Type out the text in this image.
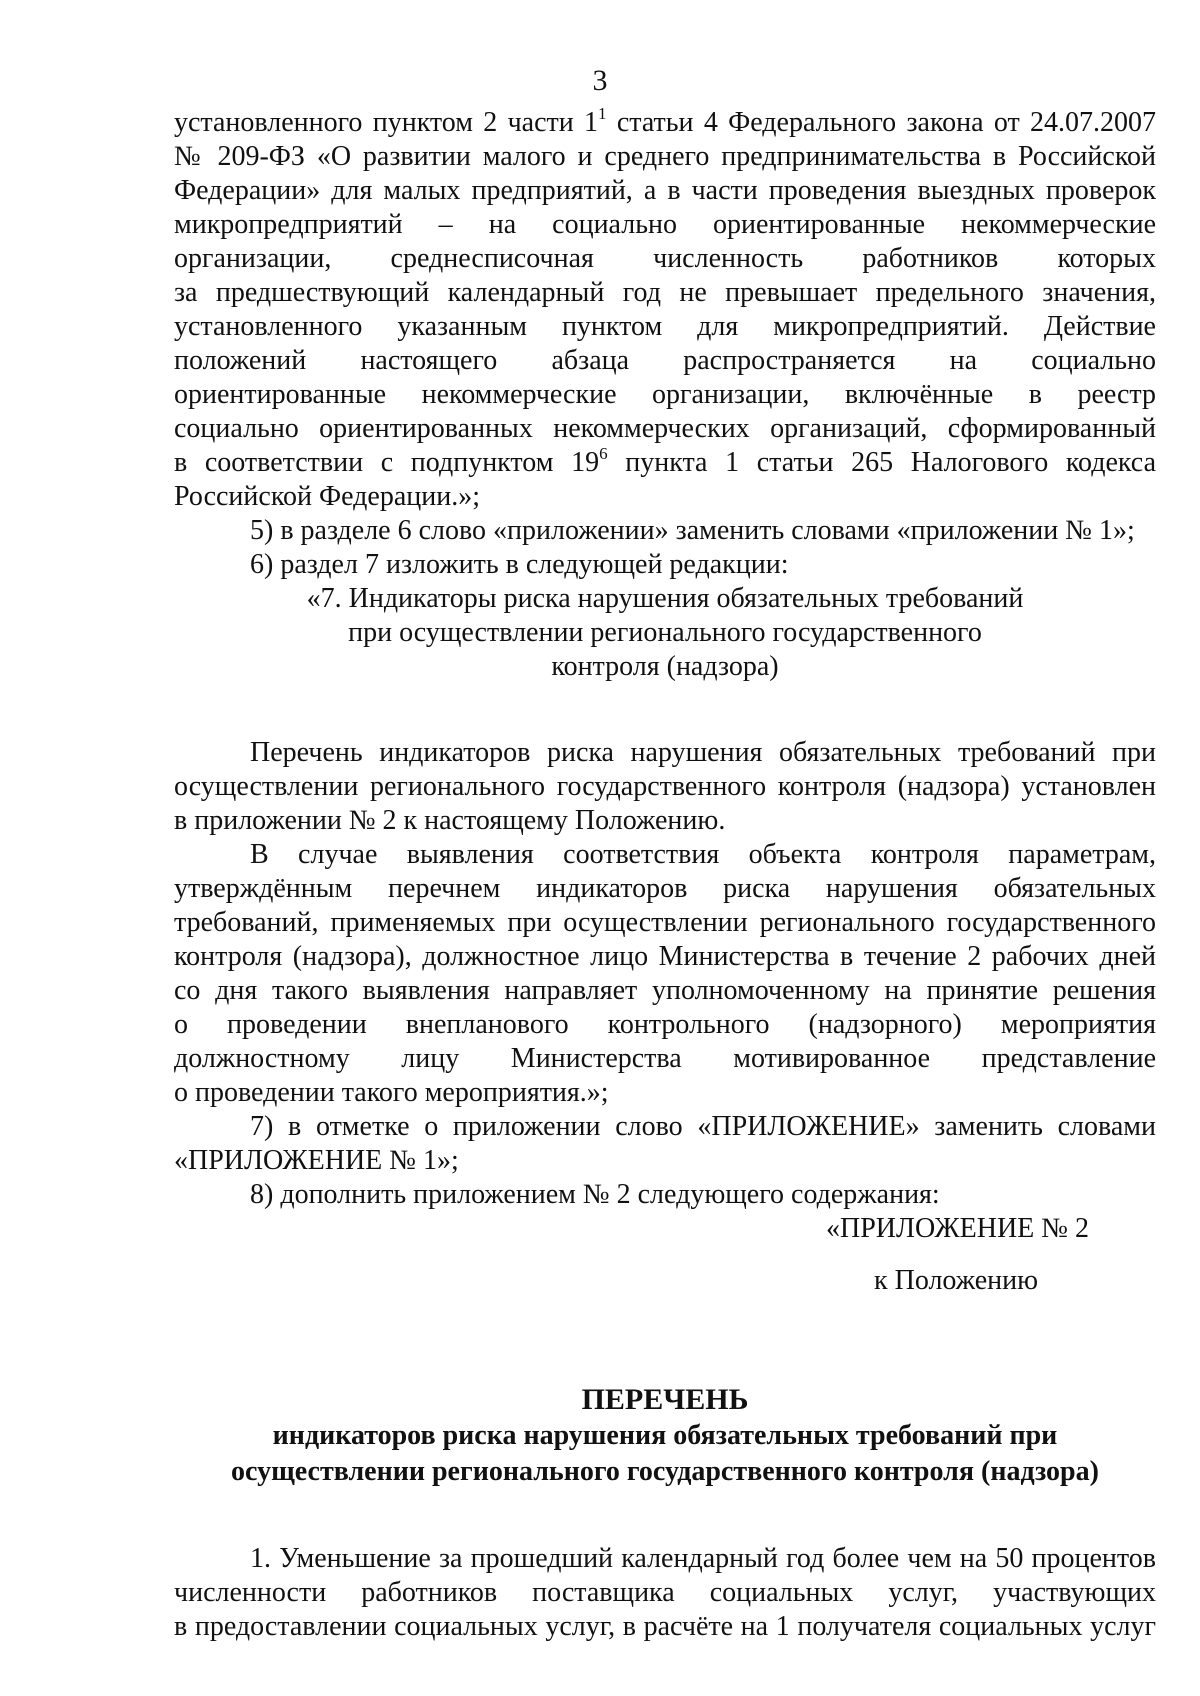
3
установленного пунктом 2 части $1^1$ статьи 4 Федерального закона от 24.07.2007
№ 209-ФЗ «О развитии малого и среднего предпринимательства в Российской
Федерации» для малых предприятий, а в части проведения выездных проверок
микропредприятий – на социально ориентированные некоммерческие
организации, среднесписочная численность работников которых
за предшествующий календарный год не превышает предельного значения,
установленного указанным пунктом для микропредприятий. Действие
положений настоящего абзаца распространяется на социально
ориентированные некоммерческие организации, включённые в реестр
социально ориентированных некоммерческих организаций, сформированный
в соответствии с подпунктом $19^6$ пункта 1 статьи 265 Налогового кодекса
Российской Федерации.»;
5) в разделе 6 слово «приложении» заменить словами «приложении № 1»;
6) раздел 7 изложить в следующей редакции:
«7. Индикаторы риска нарушения обязательных требований
при осуществлении регионального государственного
контроля (надзора)
Перечень индикаторов риска нарушения обязательных требований при
осуществлении регионального государственного контроля (надзора) установлен
в приложении № 2 к настоящему Положению.
В случае выявления соответствия объекта контроля параметрам,
утверждённым перечнем индикаторов риска нарушения обязательных
требований, применяемых при осуществлении регионального государственного
контроля (надзора), должностное лицо Министерства в течение 2 рабочих дней
со дня такого выявления направляет уполномоченному на принятие решения
о проведении внепланового контрольного (надзорного) мероприятия
должностному лицу Министерства мотивированное представление
о проведении такого мероприятия.»;
7) в отметке о приложении слово «ПРИЛОЖЕНИЕ» заменить словами
«ПРИЛОЖЕНИЕ № 1»;
8) дополнить приложением № 2 следующего содержания:
«ПРИЛОЖЕНИЕ № 2
к Положению
ПЕРЕЧЕНЬ
индикаторов риска нарушения обязательных требований при
осуществлении регионального государственного контроля (надзора)
1. Уменьшение за прошедший календарный год более чем на 50 процентов
численности работников поставщика социальных услуг, участвующих
в предоставлении социальных услуг, в расчёте на 1 получателя социальных услуг
